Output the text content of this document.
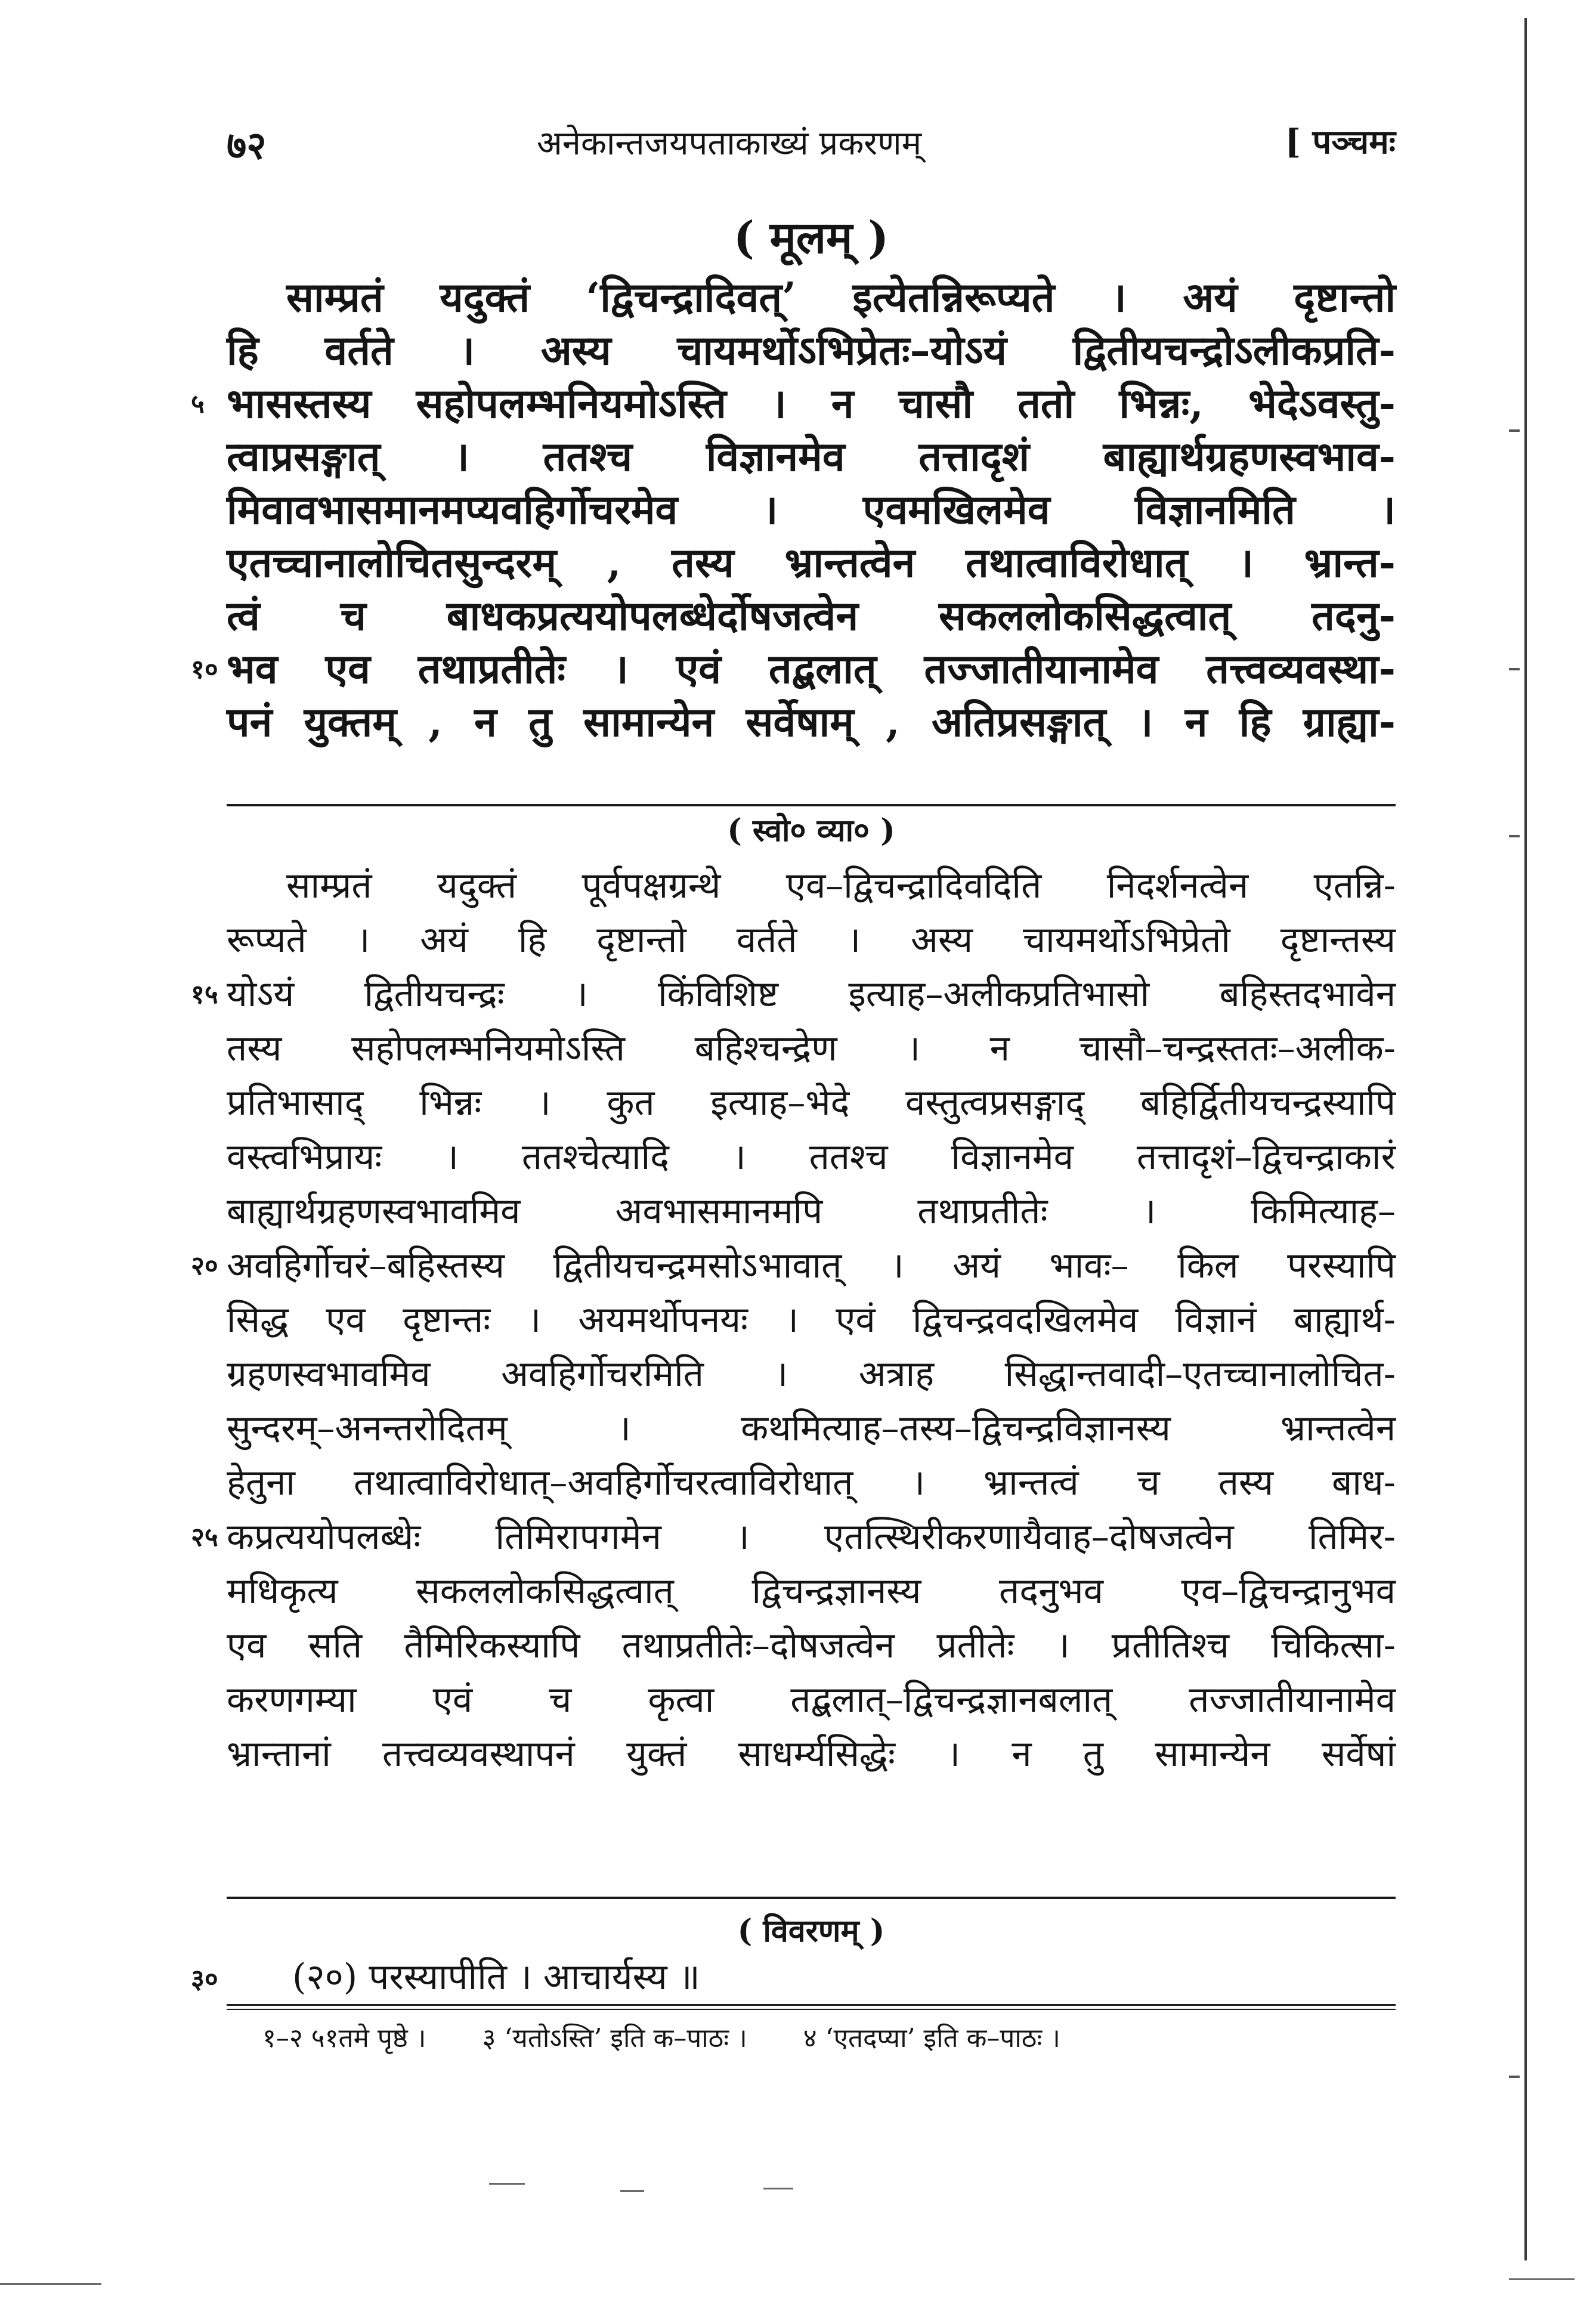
७२	अनेकान्तजयपताकाख्यं प्रकरणम्	[ पञ्चमः
( मूलम् )
साम्प्रतं यदुक्तं ‘द्विचन्द्रादिवत्’ इत्येतन्निरूप्यते । अयं दृष्टान्तो
हि वर्तते । अस्य चायमर्थोऽभिप्रेतः–योऽयं द्वितीयचन्द्रोऽलीकप्रति-
५ भासस्तस्य सहोपलम्भनियमोऽस्ति । न चासौ ततो भिन्नः, भेदेऽवस्तु-
त्वाप्रसङ्गात् । ततश्च विज्ञानमेव तत्तादृशं बाह्यार्थग्रहणस्वभाव-
मिवावभासमानमप्यवहिर्गोचरमेव । एवमखिलमेव विज्ञानमिति ।
एतच्चानालोचितसुन्दरम् , तस्य भ्रान्तत्वेन तथात्वाविरोधात् । भ्रान्त-
त्वं च बाधकप्रत्ययोपलब्धेर्दोषजत्वेन सकललोकसिद्धत्वात् तदनु-
१० भव एव तथाप्रतीतेः । एवं तद्बलात् तज्जातीयानामेव तत्त्वव्यवस्था-
पनं युक्तम् , न तु सामान्येन सर्वेषाम् , अतिप्रसङ्गात् । न हि ग्राह्या-
( स्वो० व्या० )
साम्प्रतं यदुक्तं पूर्वपक्षग्रन्थे एव–द्विचन्द्रादिवदिति निदर्शनत्वेन एतन्नि-
रूप्यते । अयं हि दृष्टान्तो वर्तते । अस्य चायमर्थोऽभिप्रेतो दृष्टान्तस्य
१५ योऽयं द्वितीयचन्द्रः । किंविशिष्ट इत्याह–अलीकप्रतिभासो बहिस्तदभावेन
तस्य सहोपलम्भनियमोऽस्ति बहिश्चन्द्रेण । न चासौ–चन्द्रस्ततः–अलीक-
प्रतिभासाद् भिन्नः । कुत इत्याह–भेदे वस्तुत्वप्रसङ्गाद् बहिर्द्वितीयचन्द्रस्यापि
वस्त्वभिप्रायः । ततश्चेत्यादि । ततश्च विज्ञानमेव तत्तादृशं–द्विचन्द्राकारं
बाह्यार्थग्रहणस्वभावमिव अवभासमानमपि तथाप्रतीतेः । किमित्याह–
२० अवहिर्गोचरं–बहिस्तस्य द्वितीयचन्द्रमसोऽभावात् । अयं भावः– किल परस्यापि
सिद्ध एव दृष्टान्तः । अयमर्थोपनयः । एवं द्विचन्द्रवदखिलमेव विज्ञानं बाह्यार्थ-
ग्रहणस्वभावमिव अवहिर्गोचरमिति । अत्राह सिद्धान्तवादी–एतच्चानालोचित-
सुन्दरम्–अनन्तरोदितम् । कथमित्याह–तस्य–द्विचन्द्रविज्ञानस्य भ्रान्तत्वेन
हेतुना तथात्वाविरोधात्–अवहिर्गोचरत्वाविरोधात् । भ्रान्तत्वं च तस्य बाध-
२५ कप्रत्ययोपलब्धेः तिमिरापगमेन । एतत्स्थिरीकरणायैवाह–दोषजत्वेन तिमिर-
मधिकृत्य सकललोकसिद्धत्वात् द्विचन्द्रज्ञानस्य तदनुभव एव–द्विचन्द्रानुभव
एव सति तैमिरिकस्यापि तथाप्रतीतेः–दोषजत्वेन प्रतीतेः । प्रतीतिश्च चिकित्सा-
करणगम्या एवं च कृत्वा तद्बलात्–द्विचन्द्रज्ञानबलात् तज्जातीयानामेव
भ्रान्तानां तत्त्वव्यवस्थापनं युक्तं साधर्म्यसिद्धेः । न तु सामान्येन सर्वेषां
( विवरणम् )
३० (२०) परस्यापीति । आचार्यस्य ॥
१–२ ५१तमे पृष्ठे । ३ ‘यतोऽस्ति’ इति क–पाठः । ४ ‘एतदप्या’ इति क–पाठः ।
